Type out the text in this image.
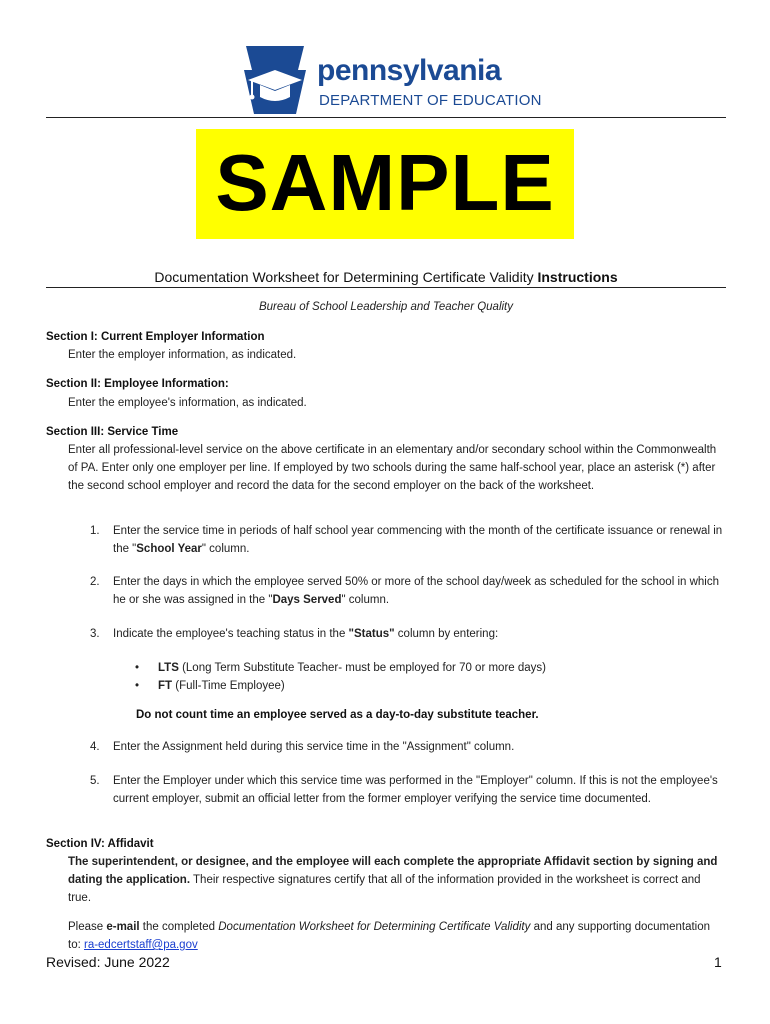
pennsylvania
DEPARTMENT OF EDUCATION
SAMPLE
Documentation Worksheet for Determining Certificate Validity Instructions
Bureau of School Leadership and Teacher Quality
Section I: Current Employer Information
Enter the employer information, as indicated.
Section II: Employee Information:
Enter the employee's information, as indicated.
Section III: Service Time
Enter all professional-level service on the above certificate in an elementary and/or secondary school within the Commonwealth of PA. Enter only one employer per line. If employed by two schools during the same half-school year, place an asterisk (*) after the second school employer and record the data for the second employer on the back of the worksheet.
1. Enter the service time in periods of half school year commencing with the month of the certificate issuance or renewal in the "School Year" column.
2. Enter the days in which the employee served 50% or more of the school day/week as scheduled for the school in which he or she was assigned in the "Days Served" column.
3. Indicate the employee's teaching status in the "Status" column by entering:
• LTS (Long Term Substitute Teacher- must be employed for 70 or more days)
• FT (Full-Time Employee)
Do not count time an employee served as a day-to-day substitute teacher.
4. Enter the Assignment held during this service time in the "Assignment" column.
5. Enter the Employer under which this service time was performed in the "Employer" column. If this is not the employee's current employer, submit an official letter from the former employer verifying the service time documented.
Section IV: Affidavit
The superintendent, or designee, and the employee will each complete the appropriate Affidavit section by signing and dating the application. Their respective signatures certify that all of the information provided in the worksheet is correct and true.
Please e-mail the completed Documentation Worksheet for Determining Certificate Validity and any supporting documentation to: ra-edcertstaff@pa.gov
Revised: June 2022	1
